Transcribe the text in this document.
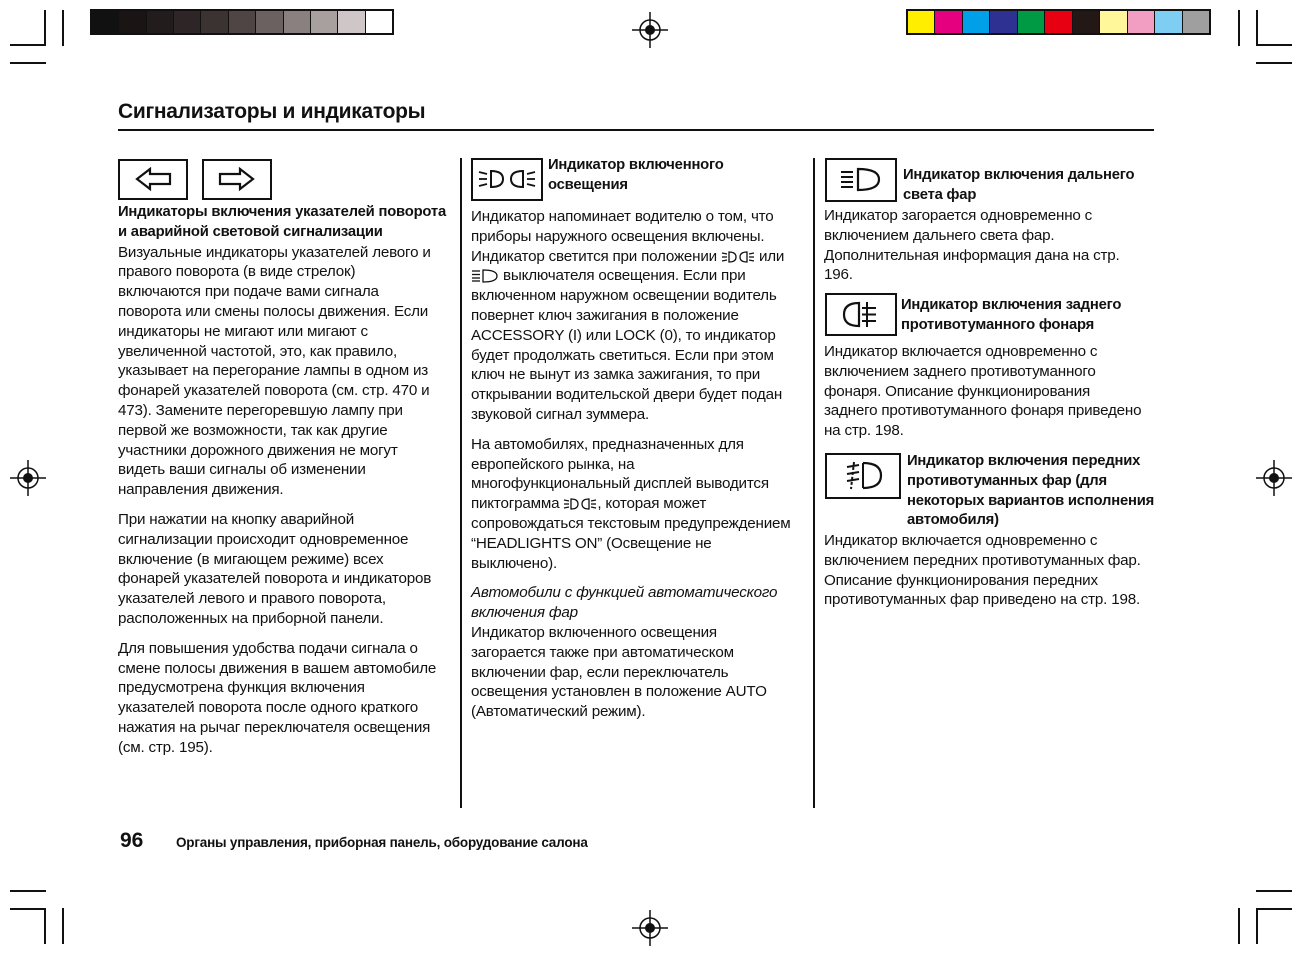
Сигнализаторы и индикаторы

Индикаторы включения указателей поворота

и аварийной световой сигнализации

Визуальные индикаторы указателей левого и

правого поворота (в виде стрелок)

включаются при подаче вами сигнала

поворота или смены полосы движения. Если

индикаторы не мигают или мигают с

увеличенной частотой, это, как правило,

указывает на перегорание лампы в одном из

фонарей указателей поворота (см. стр. 470 и

473). Замените перегоревшую лампу при

первой же возможности, так как другие

участники дорожного движения не могут

видеть ваши сигналы об изменении

направления движения.

При нажатии на кнопку аварийной

сигнализации происходит одновременное

включение (в мигающем режиме) всех

фонарей указателей поворота и индикаторов

указателей левого и правого поворота,

расположенных на приборной панели.

Для повышения удобства подачи сигнала о

смене полосы движения в вашем автомобиле

предусмотрена функция включения

указателей поворота после одного краткого

нажатия на рычаг переключателя освещения

(см. стр. 195).

Индикатор включенного

освещения

Индикатор напоминает водителю о том, что

приборы наружного освещения включены.

Индикатор светится при положении	или

выключателя освещения. Если при

включенном наружном освещении водитель

повернет ключ зажигания в положение

ACCESSORY (I) или LOCK (0), то индикатор

будет продолжать светиться. Если при этом

ключ не вынут из замка зажигания, то при

открывании водительской двери будет подан

звуковой сигнал зуммера.

На автомобилях, предназначенных для

европейского рынка, на

многофункциональный дисплей выводится

пиктограмма	, которая может

сопровождаться текстовым предупреждением

“HEADLIGHTS ON” (Освещение не

выключено).

Автомобили с функцией автоматического

включения фар

Индикатор включенного освещения

загорается также при автоматическом

включении фар, если переключатель

освещения установлен в положение AUTO

(Автоматический режим).

Индикатор включения дальнего

света фар

Индикатор загорается одновременно с

включением дальнего света фар.

Дополнительная информация дана на стр.

196.

Индикатор включения заднего

противотуманного фонаря

Индикатор включается одновременно с

включением заднего противотуманного

фонаря. Описание функционирования

заднего противотуманного фонаря приведено

на стр. 198.

Индикатор включения передних

противотуманных фар (для

некоторых вариантов исполнения

автомобиля)

Индикатор включается одновременно с

включением передних противотуманных фар.

Описание функционирования передних

противотуманных фар приведено на стр. 198.

96 Органы управления, приборная панель, оборудование салона
